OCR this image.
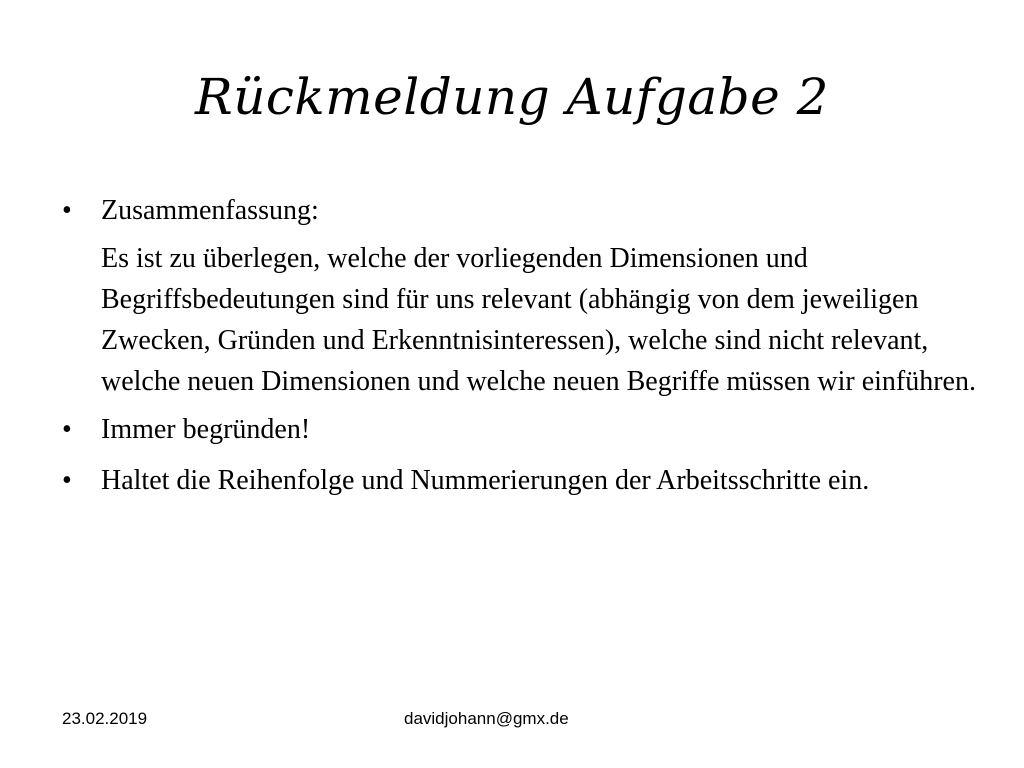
Rückmeldung Aufgabe 2
•	Zusammenfassung:

Es ist zu überlegen, welche der vorliegenden Dimensionen und Begriffsbedeutungen sind für uns relevant (abhängig von dem jeweiligen Zwecken, Gründen und Erkenntnisinteressen), welche sind nicht relevant, welche neuen Dimensionen und welche neuen Begriffe müssen wir einführen.

•	Immer begründen!
•	Haltet die Reihenfolge und Nummerierungen der Arbeitsschritte ein.
23.02.2019	davidjohann@gmx.de
